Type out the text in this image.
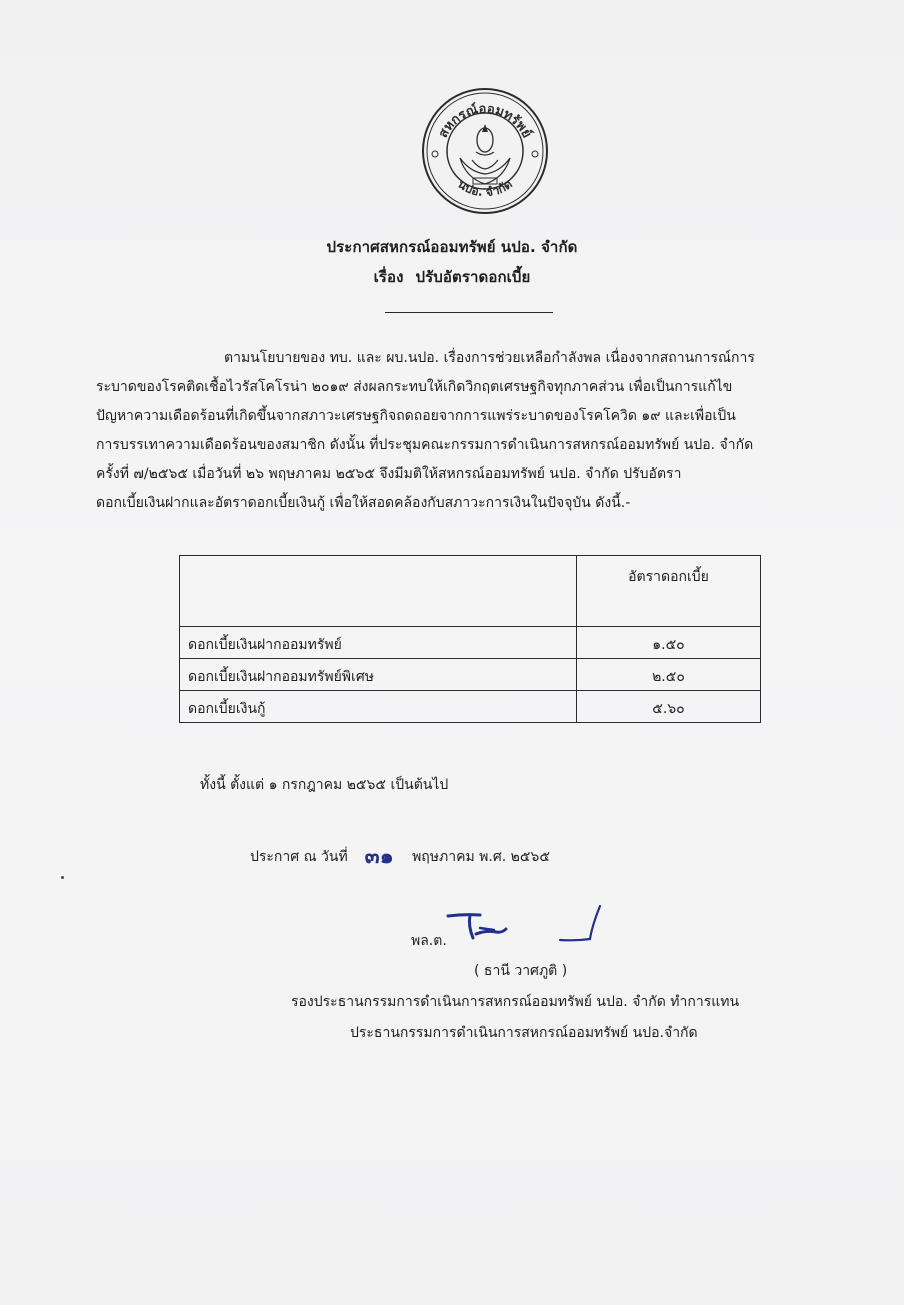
สหกรณ์ออมทรัพย์
นปอ. จำกัด
ประกาศสหกรณ์ออมทรัพย์ นปอ. จำกัด
เรื่อง ปรับอัตราดอกเบี้ย
ตามนโยบายของ ทบ. และ ผบ.นปอ. เรื่องการช่วยเหลือกำลังพล เนื่องจากสถานการณ์การ
ระบาดของโรคติดเชื้อไวรัสโคโรน่า ๒๐๑๙ ส่งผลกระทบให้เกิดวิกฤตเศรษฐกิจทุกภาคส่วน เพื่อเป็นการแก้ไข
ปัญหาความเดือดร้อนที่เกิดขึ้นจากสภาวะเศรษฐกิจถดถอยจากการแพร่ระบาดของโรคโควิด ๑๙ และเพื่อเป็น
การบรรเทาความเดือดร้อนของสมาชิก ดังนั้น ที่ประชุมคณะกรรมการดำเนินการสหกรณ์ออมทรัพย์ นปอ. จำกัด
ครั้งที่ ๗/๒๕๖๕ เมื่อวันที่ ๒๖ พฤษภาคม ๒๕๖๕ จึงมีมติให้สหกรณ์ออมทรัพย์ นปอ. จำกัด ปรับอัตรา
ดอกเบี้ยเงินฝากและอัตราดอกเบี้ยเงินกู้ เพื่อให้สอดคล้องกับสภาวะการเงินในปัจจุบัน ดังนี้.-
	อัตราดอกเบี้ย
ดอกเบี้ยเงินฝากออมทรัพย์	๑.๕๐
ดอกเบี้ยเงินฝากออมทรัพย์พิเศษ	๒.๕๐
ดอกเบี้ยเงินกู้	๕.๖๐
ทั้งนี้ ตั้งแต่ ๑ กรกฎาคม ๒๕๖๕ เป็นต้นไป
ประกาศ ณ วันที่ ๓๑ พฤษภาคม พ.ศ. ๒๕๖๕
พล.ต.
( ธานี วาศภูติ )
รองประธานกรรมการดำเนินการสหกรณ์ออมทรัพย์ นปอ. จำกัด ทำการแทน
ประธานกรรมการดำเนินการสหกรณ์ออมทรัพย์ นปอ.จำกัด
